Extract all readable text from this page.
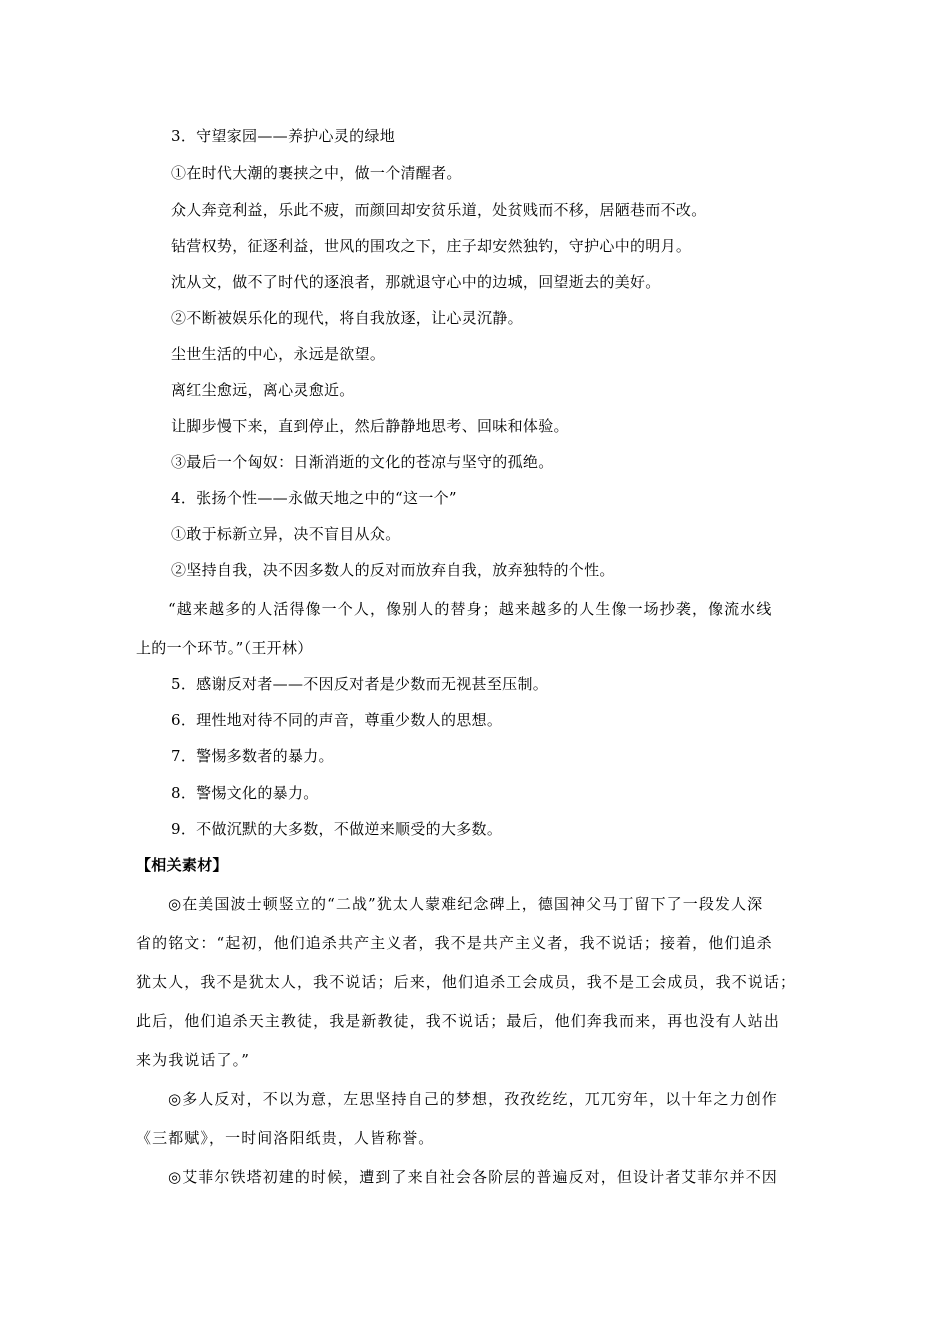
3．守望家园——养护心灵的绿地
①在时代大潮的裹挟之中，做一个清醒者。
众人奔竞利益，乐此不疲，而颜回却安贫乐道，处贫贱而不移，居陋巷而不改。
钻营权势，征逐利益，世风的围攻之下，庄子却安然独钓，守护心中的明月。
沈从文，做不了时代的逐浪者，那就退守心中的边城，回望逝去的美好。
②不断被娱乐化的现代，将自我放逐，让心灵沉静。
尘世生活的中心，永远是欲望。
离红尘愈远，离心灵愈近。
让脚步慢下来，直到停止，然后静静地思考、回味和体验。
③最后一个匈奴：日渐消逝的文化的苍凉与坚守的孤绝。
4．张扬个性——永做天地之中的“这一个”
①敢于标新立异，决不盲目从众。
②坚持自我，决不因多数人的反对而放弃自我，放弃独特的个性。
“越来越多的人活得像一个人，像别人的替身；越来越多的人生像一场抄袭，像流水线
上的一个环节。”（王开林）
5．感谢反对者——不因反对者是少数而无视甚至压制。
6．理性地对待不同的声音，尊重少数人的思想。
7．警惕多数者的暴力。
8．警惕文化的暴力。
9．不做沉默的大多数，不做逆来顺受的大多数。
【相关素材】
◎在美国波士顿竖立的“二战”犹太人蒙难纪念碑上，德国神父马丁留下了一段发人深
省的铭文：“起初，他们追杀共产主义者，我不是共产主义者，我不说话；接着，他们追杀
犹太人，我不是犹太人，我不说话；后来，他们追杀工会成员，我不是工会成员，我不说话；
此后，他们追杀天主教徒，我是新教徒，我不说话；最后，他们奔我而来，再也没有人站出
来为我说话了。”
◎多人反对，不以为意，左思坚持自己的梦想，孜孜纥纥，兀兀穷年，以十年之力创作
《三都赋》，一时间洛阳纸贵，人皆称誉。
◎艾菲尔铁塔初建的时候，遭到了来自社会各阶层的普遍反对，但设计者艾菲尔并不因
